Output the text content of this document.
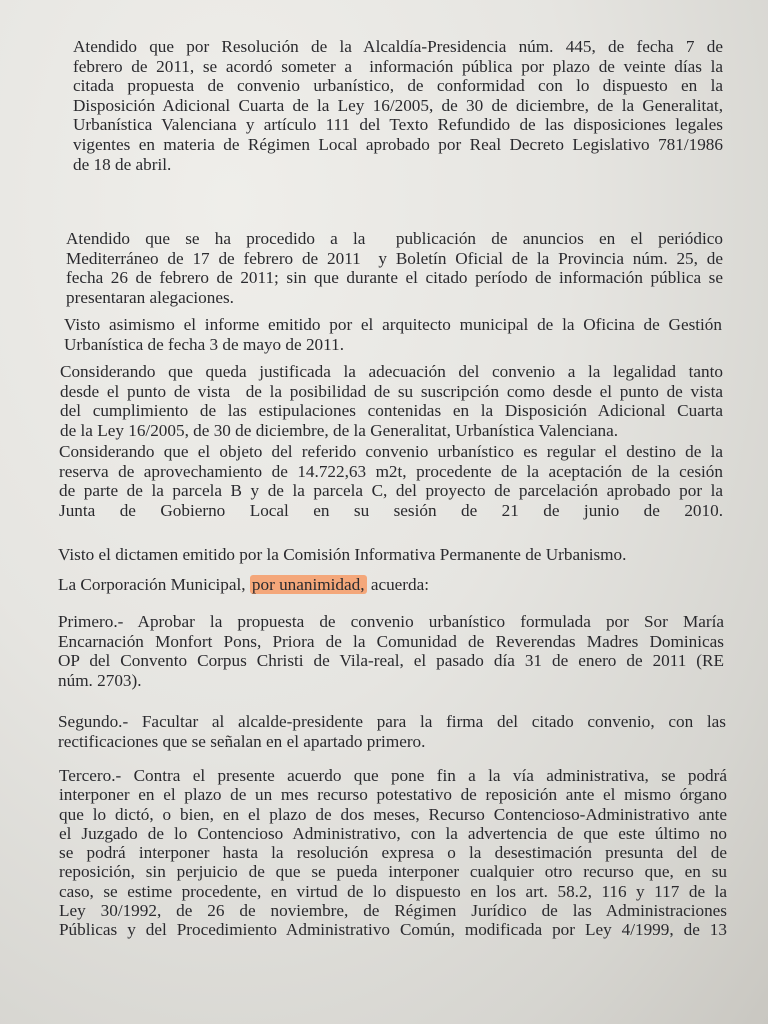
Atendido que por Resolución de la Alcaldía-Presidencia núm. 445, de fecha 7 de
febrero de 2011, se acordó someter a  información pública por plazo de veinte días la
citada propuesta de convenio urbanístico, de conformidad con lo dispuesto en la
Disposición Adicional Cuarta de la Ley 16/2005, de 30 de diciembre, de la Generalitat,
Urbanística Valenciana y artículo 111 del Texto Refundido de las disposiciones legales
vigentes en materia de Régimen Local aprobado por Real Decreto Legislativo 781/1986
de 18 de abril.
Atendido que se ha procedido a la  publicación de anuncios en el periódico
Mediterráneo de 17 de febrero de 2011  y Boletín Oficial de la Provincia núm. 25, de
fecha 26 de febrero de 2011; sin que durante el citado período de información pública se
presentaran alegaciones.
Visto asimismo el informe emitido por el arquitecto municipal de la Oficina de Gestión
Urbanística de fecha 3 de mayo de 2011.
Considerando que queda justificada la adecuación del convenio a la legalidad tanto
desde el punto de vista  de la posibilidad de su suscripción como desde el punto de vista
del cumplimiento de las estipulaciones contenidas en la Disposición Adicional Cuarta
de la Ley 16/2005, de 30 de diciembre, de la Generalitat, Urbanística Valenciana.
Considerando que el objeto del referido convenio urbanístico es regular el destino de la
reserva de aprovechamiento de 14.722,63 m2t, procedente de la aceptación de la cesión
de parte de la parcela B y de la parcela C, del proyecto de parcelación aprobado por la
Junta de Gobierno Local en su sesión de 21 de junio de 2010.
Visto el dictamen emitido por la Comisión Informativa Permanente de Urbanismo.
La Corporación Municipal, por unanimidad, acuerda:
Primero.- Aprobar la propuesta de convenio urbanístico formulada por Sor María
Encarnación Monfort Pons, Priora de la Comunidad de Reverendas Madres Dominicas
OP del Convento Corpus Christi de Vila-real, el pasado día 31 de enero de 2011 (RE
núm. 2703).
Segundo.- Facultar al alcalde-presidente para la firma del citado convenio, con las
rectificaciones que se señalan en el apartado primero.
Tercero.- Contra el presente acuerdo que pone fin a la vía administrativa, se podrá
interponer en el plazo de un mes recurso potestativo de reposición ante el mismo órgano
que lo dictó, o bien, en el plazo de dos meses, Recurso Contencioso-Administrativo ante
el Juzgado de lo Contencioso Administrativo, con la advertencia de que este último no
se podrá interponer hasta la resolución expresa o la desestimación presunta del de
reposición, sin perjuicio de que se pueda interponer cualquier otro recurso que, en su
caso, se estime procedente, en virtud de lo dispuesto en los art. 58.2, 116 y 117 de la
Ley 30/1992, de 26 de noviembre, de Régimen Jurídico de las Administraciones
Públicas y del Procedimiento Administrativo Común, modificada por Ley 4/1999, de 13
